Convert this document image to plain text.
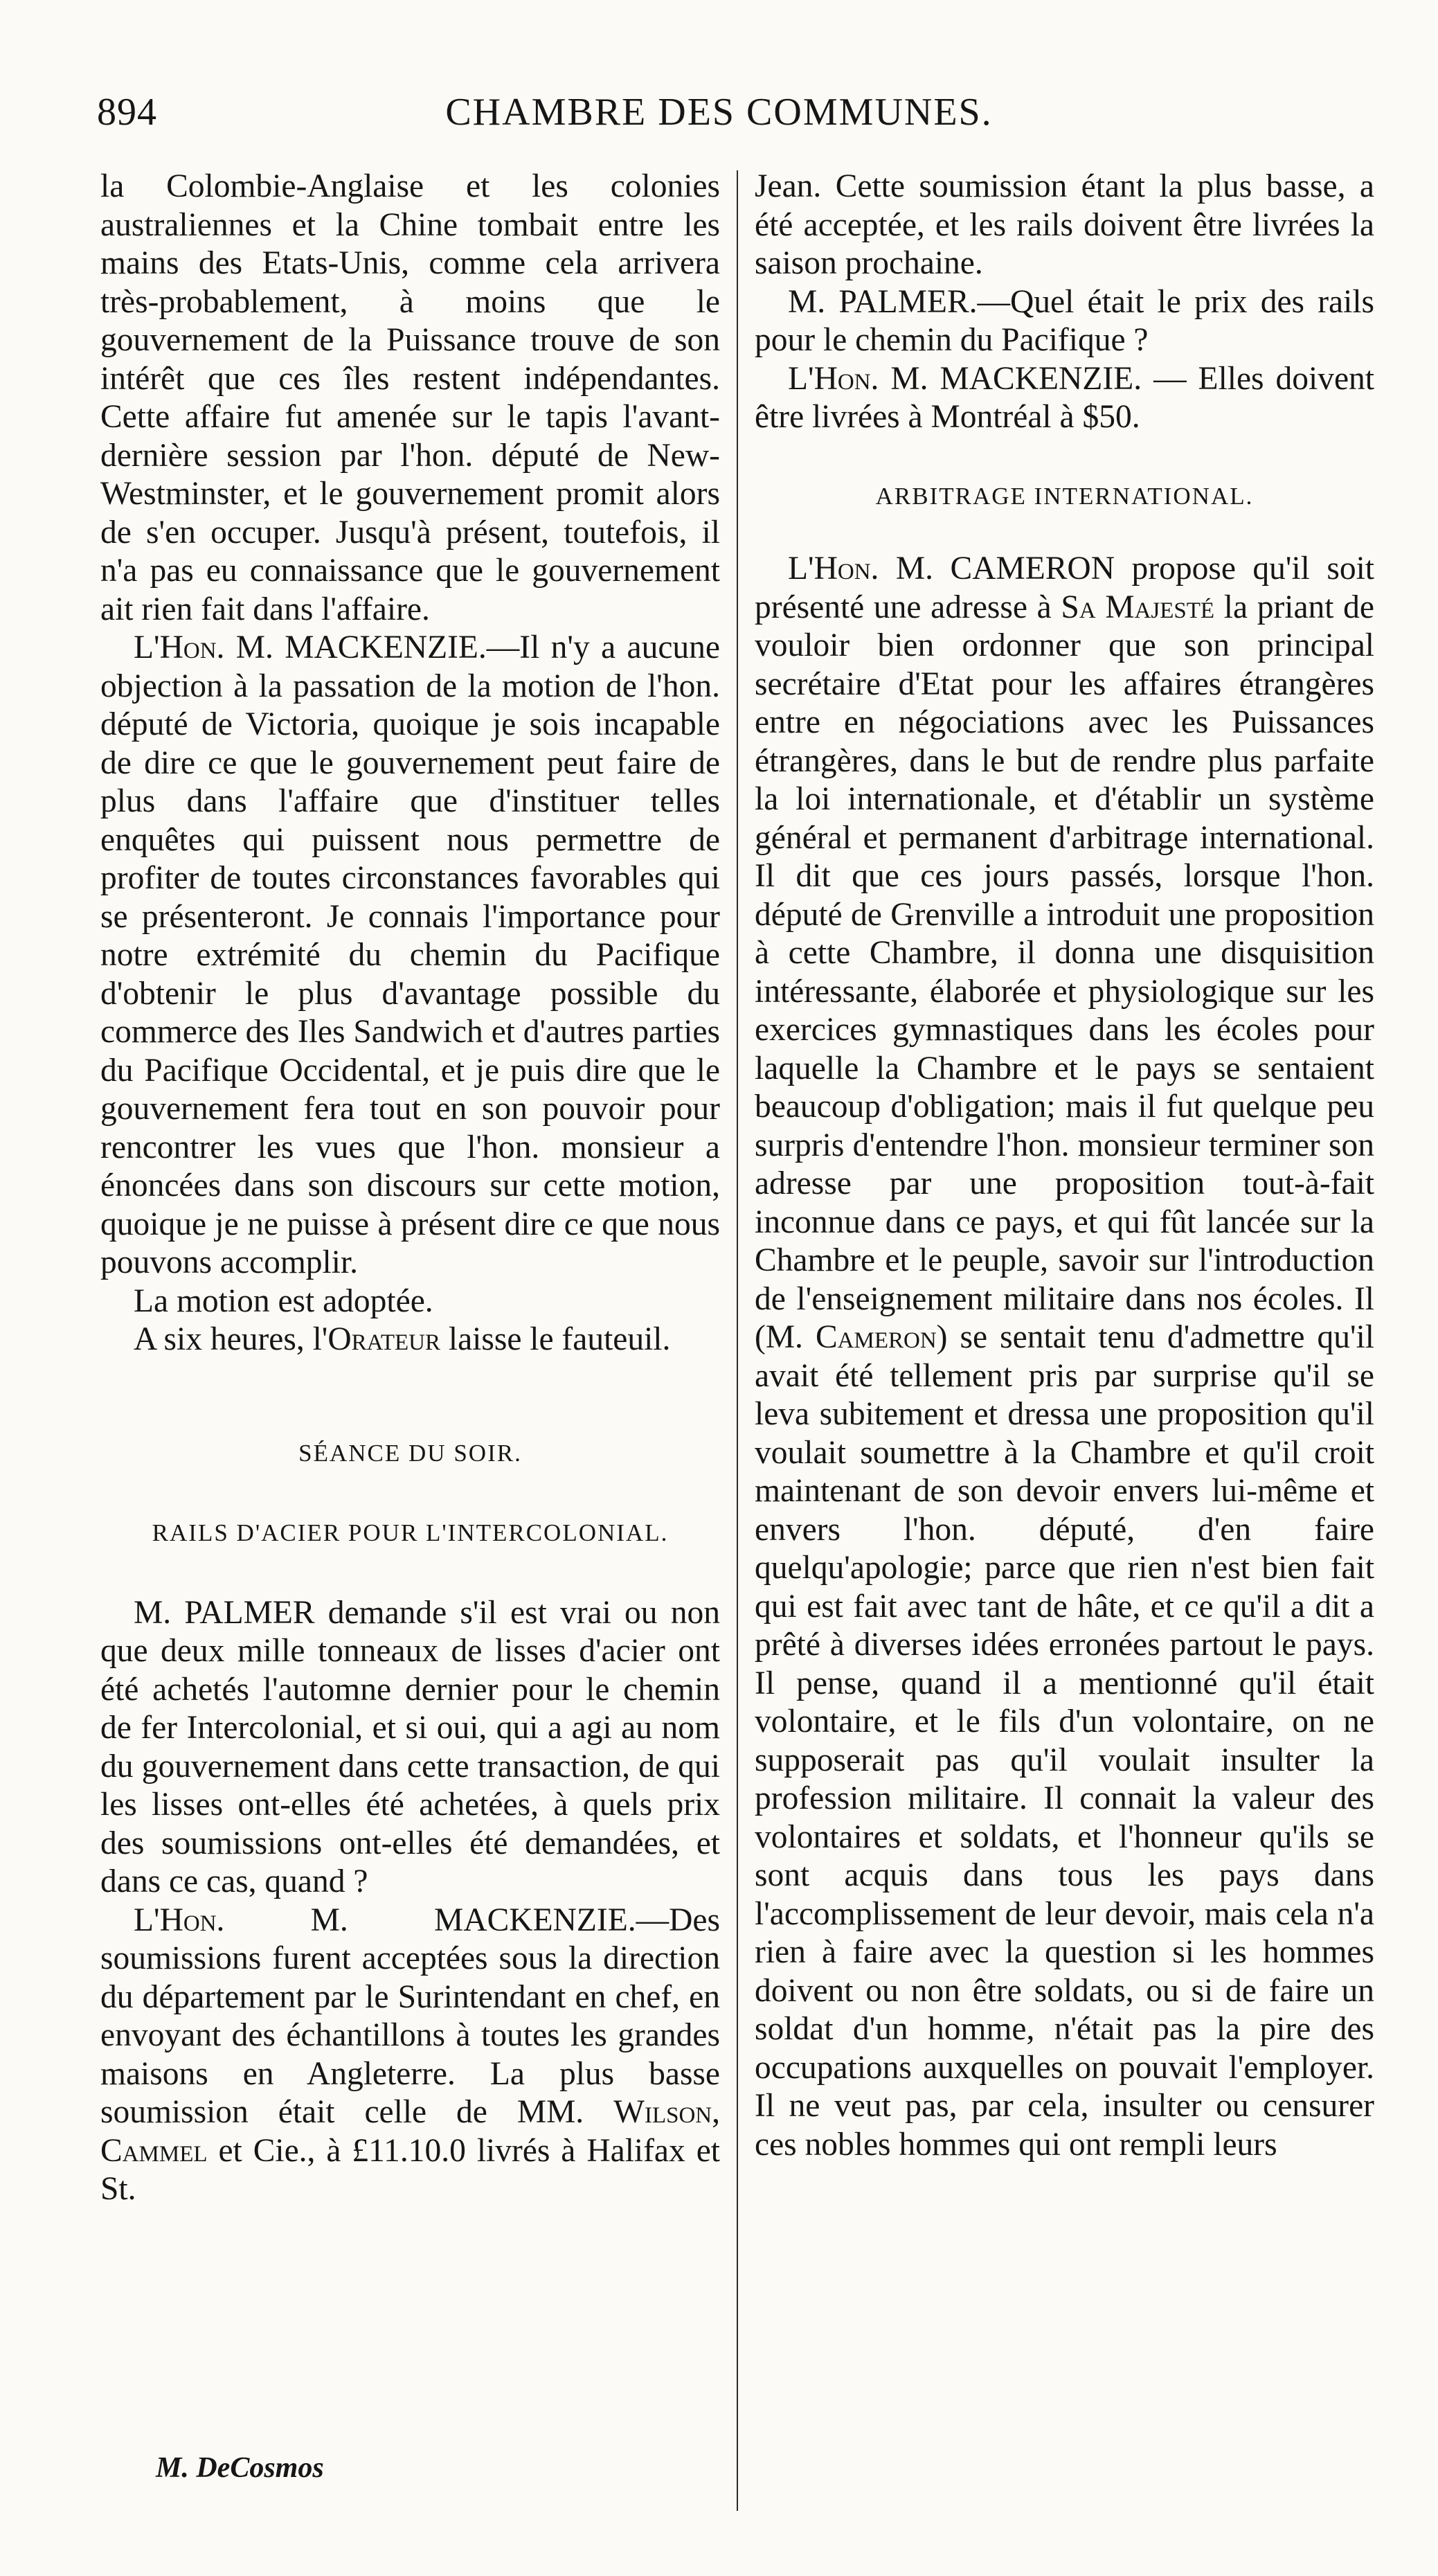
894	CHAMBRE DES COMMUNES.

la Colombie-Anglaise et les colonies australiennes et la Chine tombait entre les mains des Etats-Unis, comme cela arrivera très-probablement, à moins que le gouvernement de la Puissance trouve de son intérêt que ces îles restent indépendantes. Cette affaire fut amenée sur le tapis l'avant-dernière session par l'hon. député de New-Westminster, et le gouvernement promit alors de s'en occuper. Jusqu'à présent, toutefois, il n'a pas eu connaissance que le gouvernement ait rien fait dans l'affaire.

L'Hon. M. MACKENZIE.—Il n'y a aucune objection à la passation de la motion de l'hon. député de Victoria, quoique je sois incapable de dire ce que le gouvernement peut faire de plus dans l'affaire que d'instituer telles enquêtes qui puissent nous permettre de profiter de toutes circonstances favorables qui se présenteront. Je connais l'importance pour notre extrémité du chemin du Pacifique d'obtenir le plus d'avantage possible du commerce des Iles Sandwich et d'autres parties du Pacifique Occidental, et je puis dire que le gouvernement fera tout en son pouvoir pour rencontrer les vues que l'hon. monsieur a énoncées dans son discours sur cette motion, quoique je ne puisse à présent dire ce que nous pouvons accomplir.

La motion est adoptée.

A six heures, l'Orateur laisse le fauteuil.

SÉANCE DU SOIR.
RAILS D'ACIER POUR L'INTERCOLONIAL.

M. PALMER demande s'il est vrai ou non que deux mille tonneaux de lisses d'acier ont été achetés l'automne dernier pour le chemin de fer Intercolonial, et si oui, qui a agi au nom du gouvernement dans cette transaction, de qui les lisses ont-elles été achetées, à quels prix des soumissions ont-elles été demandées, et dans ce cas, quand ?

L'Hon. M. MACKENZIE.—Des soumissions furent acceptées sous la direction du département par le Surintendant en chef, en envoyant des échantillons à toutes les grandes maisons en Angleterre. La plus basse soumission était celle de MM. Wilson, Cammel et Cie., à £11.10.0 livrés à Halifax et St.

Jean. Cette soumission étant la plus basse, a été acceptée, et les rails doivent être livrées la saison prochaine.

M. PALMER.—Quel était le prix des rails pour le chemin du Pacifique ?

L'Hon. M. MACKENZIE. — Elles doivent être livrées à Montréal à $50.

ARBITRAGE INTERNATIONAL.

L'Hon. M. CAMERON propose qu'il soit présenté une adresse à Sa Majesté la priant de vouloir bien ordonner que son principal secrétaire d'Etat pour les affaires étrangères entre en négociations avec les Puissances étrangères, dans le but de rendre plus parfaite la loi internationale, et d'établir un système général et permanent d'arbitrage international. Il dit que ces jours passés, lorsque l'hon. député de Grenville a introduit une proposition à cette Chambre, il donna une disquisition intéressante, élaborée et physiologique sur les exercices gymnastiques dans les écoles pour laquelle la Chambre et le pays se sentaient beaucoup d'obligation; mais il fut quelque peu surpris d'entendre l'hon. monsieur terminer son adresse par une proposition tout-à-fait inconnue dans ce pays, et qui fût lancée sur la Chambre et le peuple, savoir sur l'introduction de l'enseignement militaire dans nos écoles. Il (M. Cameron) se sentait tenu d'admettre qu'il avait été tellement pris par surprise qu'il se leva subitement et dressa une proposition qu'il voulait soumettre à la Chambre et qu'il croit maintenant de son devoir envers lui-même et envers l'hon. député, d'en faire quelqu'apologie; parce que rien n'est bien fait qui est fait avec tant de hâte, et ce qu'il a dit a prêté à diverses idées erronées partout le pays. Il pense, quand il a mentionné qu'il était volontaire, et le fils d'un volontaire, on ne supposerait pas qu'il voulait insulter la profession militaire. Il connait la valeur des volontaires et soldats, et l'honneur qu'ils se sont acquis dans tous les pays dans l'accomplissement de leur devoir, mais cela n'a rien à faire avec la question si les hommes doivent ou non être soldats, ou si de faire un soldat d'un homme, n'était pas la pire des occupations auxquelles on pouvait l'employer. Il ne veut pas, par cela, insulter ou censurer ces nobles hommes qui ont rempli leurs

M. DeCosmos
